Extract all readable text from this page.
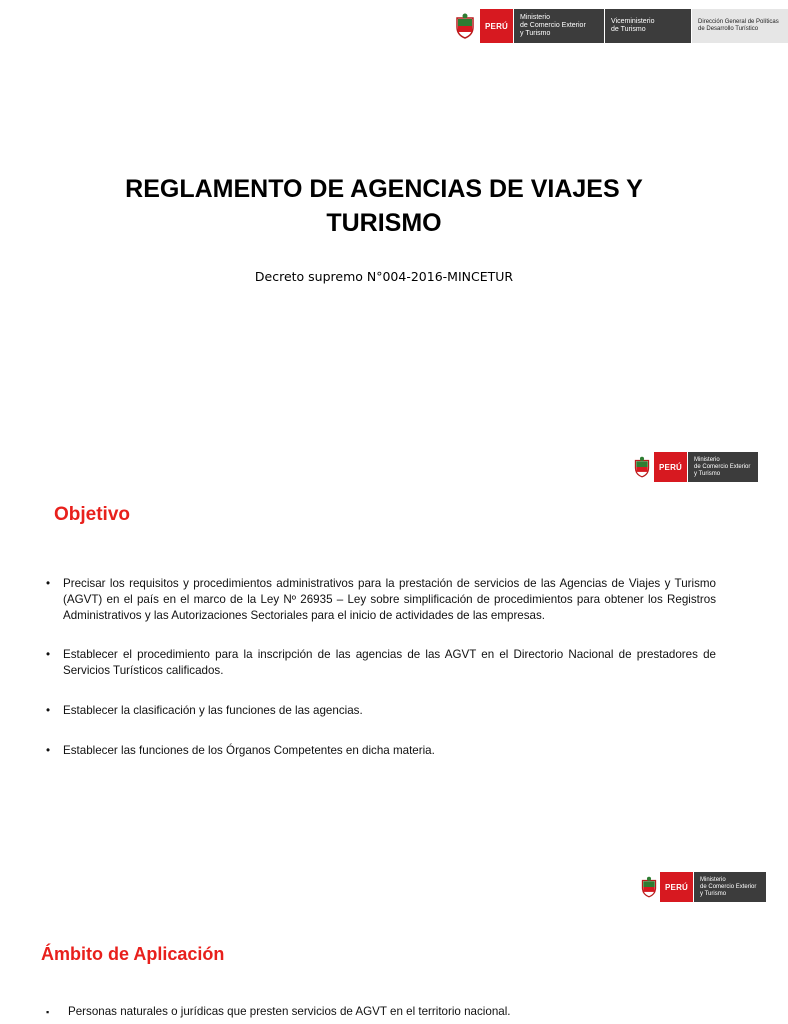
PERÚ
Ministerio
de Comercio Exterior
y Turismo
Viceministerio
de Turismo
Dirección General de Políticas
de Desarrollo Turístico
REGLAMENTO DE AGENCIAS DE VIAJES Y
TURISMO
Decreto supremo N°004-2016-MINCETUR
PERÚ
Ministerio
de Comercio Exterior
y Turismo
Objetivo
• Precisar los requisitos y procedimientos administrativos para la prestación de servicios de las Agencias de Viajes y Turismo (AGVT) en el país en el marco de la Ley Nº 26935 – Ley sobre simplificación de procedimientos para obtener los Registros Administrativos y las Autorizaciones Sectoriales para el inicio de actividades de las empresas.
• Establecer el procedimiento para la inscripción de las agencias de las AGVT en el Directorio Nacional de prestadores de Servicios Turísticos calificados.
• Establecer la clasificación y las funciones de las agencias.
• Establecer las funciones de los Órganos Competentes en dicha materia.
PERÚ
Ministerio
de Comercio Exterior
y Turismo
Ámbito de Aplicación
▪ Personas naturales o jurídicas que presten servicios de AGVT en el territorio nacional.
